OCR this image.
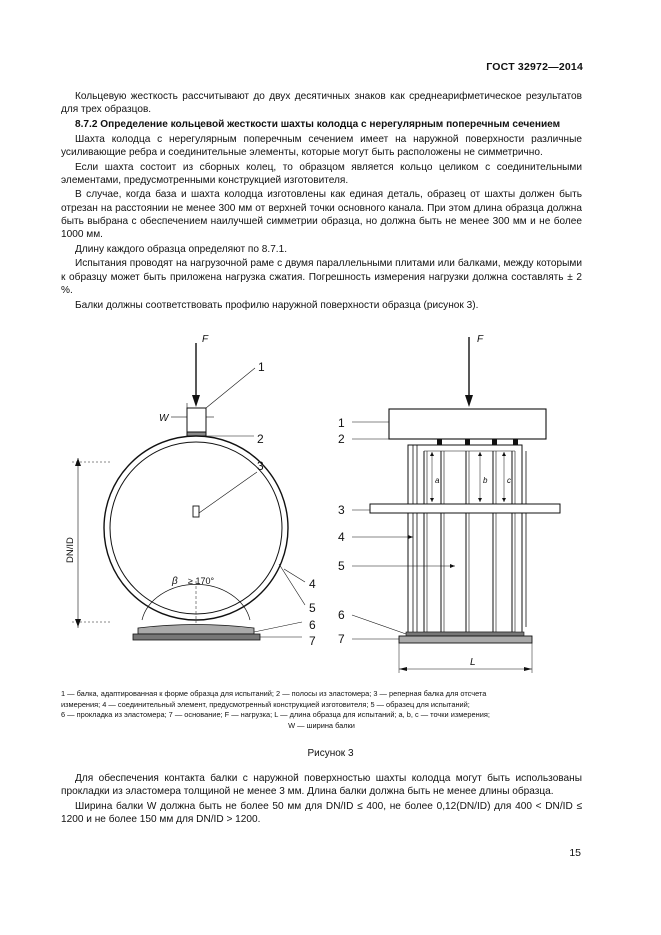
ГОСТ 32972—2014

Кольцевую жесткость рассчитывают до двух десятичных знаков как среднеарифметическое результатов для трех образцов.

8.7.2 Определение кольцевой жесткости шахты колодца с нерегулярным поперечным сечением

Шахта колодца с нерегулярным поперечным сечением имеет на наружной поверхности различные усиливающие ребра и соединительные элементы, которые могут быть расположены не симметрично.

Если шахта состоит из сборных колец, то образцом является кольцо целиком с соединительными элементами, предусмотренными конструкцией изготовителя.

В случае, когда база и шахта колодца изготовлены как единая деталь, образец от шахты должен быть отрезан на расстоянии не менее 300 мм от верхней точки основного канала. При этом длина образца должна быть выбрана с обеспечением наилучшей симметрии образца, но должна быть не менее 300 мм и не более 1000 мм.

Длину каждого образца определяют по 8.7.1.

Испытания проводят на нагрузочной раме с двумя параллельными плитами или балками, между которыми к образцу может быть приложена нагрузка сжатия. Погрешность измерения нагрузки должна составлять ± 2 %.

Балки должны соответствовать профилю наружной поверхности образца (рисунок 3).

F
W
DN/ID
β ≥ 170°
1
2
3
4
5
6
7
F
a	b c
L
1
2
3
4
5
6
7
1 — балка, адаптированная к форме образца для испытаний; 2 — полосы из эластомера; 3 — реперная балка для отсчета
измерения; 4 — соединительный элемент, предусмотренный конструкцией изготовителя; 5 — образец для испытаний;
6 — прокладка из эластомера; 7 — основание; F — нагрузка; L — длина образца для испытаний; a, b, c — точки измерения;
W — ширина балки
Рисунок 3

Для обеспечения контакта балки с наружной поверхностью шахты колодца могут быть использованы прокладки из эластомера толщиной не менее 3 мм. Длина балки должна быть не менее длины образца.

Ширина балки W должна быть не более 50 мм для DN/ID ≤ 400, не более 0,12(DN/ID) для 400 < DN/ID ≤ 1200 и не более 150 мм для DN/ID > 1200.

15
